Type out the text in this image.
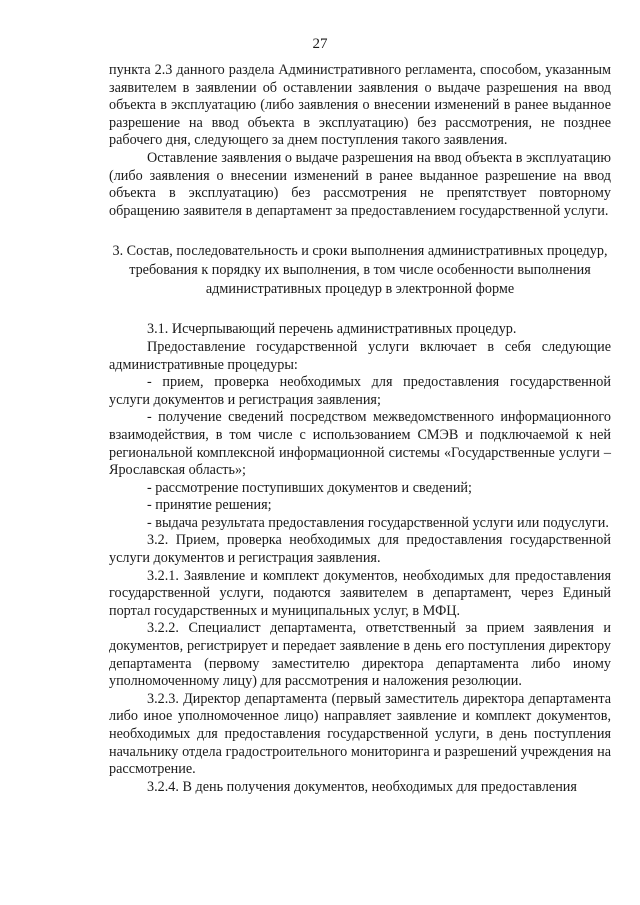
27

пункта 2.3 данного раздела Административного регламента, способом, указанным заявителем в заявлении об оставлении заявления о выдаче разрешения на ввод объекта в эксплуатацию (либо заявления о внесении изменений в ранее выданное разрешение на ввод объекта в эксплуатацию) без рассмотрения, не позднее рабочего дня, следующего за днем поступления такого заявления.

Оставление заявления о выдаче разрешения на ввод объекта в эксплуатацию (либо заявления о внесении изменений в ранее выданное разрешение на ввод объекта в эксплуатацию) без рассмотрения не препятствует повторному обращению заявителя в департамент за предоставлением государственной услуги.

3. Состав, последовательность и сроки выполнения административных процедур, требования к порядку их выполнения, в том числе особенности выполнения административных процедур в электронной форме

3.1. Исчерпывающий перечень административных процедур.

Предоставление государственной услуги включает в себя следующие административные процедуры:

- прием, проверка необходимых для предоставления государственной услуги документов и регистрация заявления;

- получение сведений посредством межведомственного информационного взаимодействия, в том числе с использованием СМЭВ и подключаемой к ней региональной комплексной информационной системы «Государственные услуги – Ярославская область»;

- рассмотрение поступивших документов и сведений;

- принятие решения;

- выдача результата предоставления государственной услуги или подуслуги.

3.2. Прием, проверка необходимых для предоставления государственной услуги документов и регистрация заявления.

3.2.1. Заявление и комплект документов, необходимых для предоставления государственной услуги, подаются заявителем в департамент, через Единый портал государственных и муниципальных услуг, в МФЦ.

3.2.2. Специалист департамента, ответственный за прием заявления и документов, регистрирует и передает заявление в день его поступления директору департамента (первому заместителю директора департамента либо иному уполномоченному лицу) для рассмотрения и наложения резолюции.

3.2.3. Директор департамента (первый заместитель директора департамента либо иное уполномоченное лицо) направляет заявление и комплект документов, необходимых для предоставления государственной услуги, в день поступления начальнику отдела градостроительного мониторинга и разрешений учреждения на рассмотрение.

3.2.4. В день получения документов, необходимых для предоставления
